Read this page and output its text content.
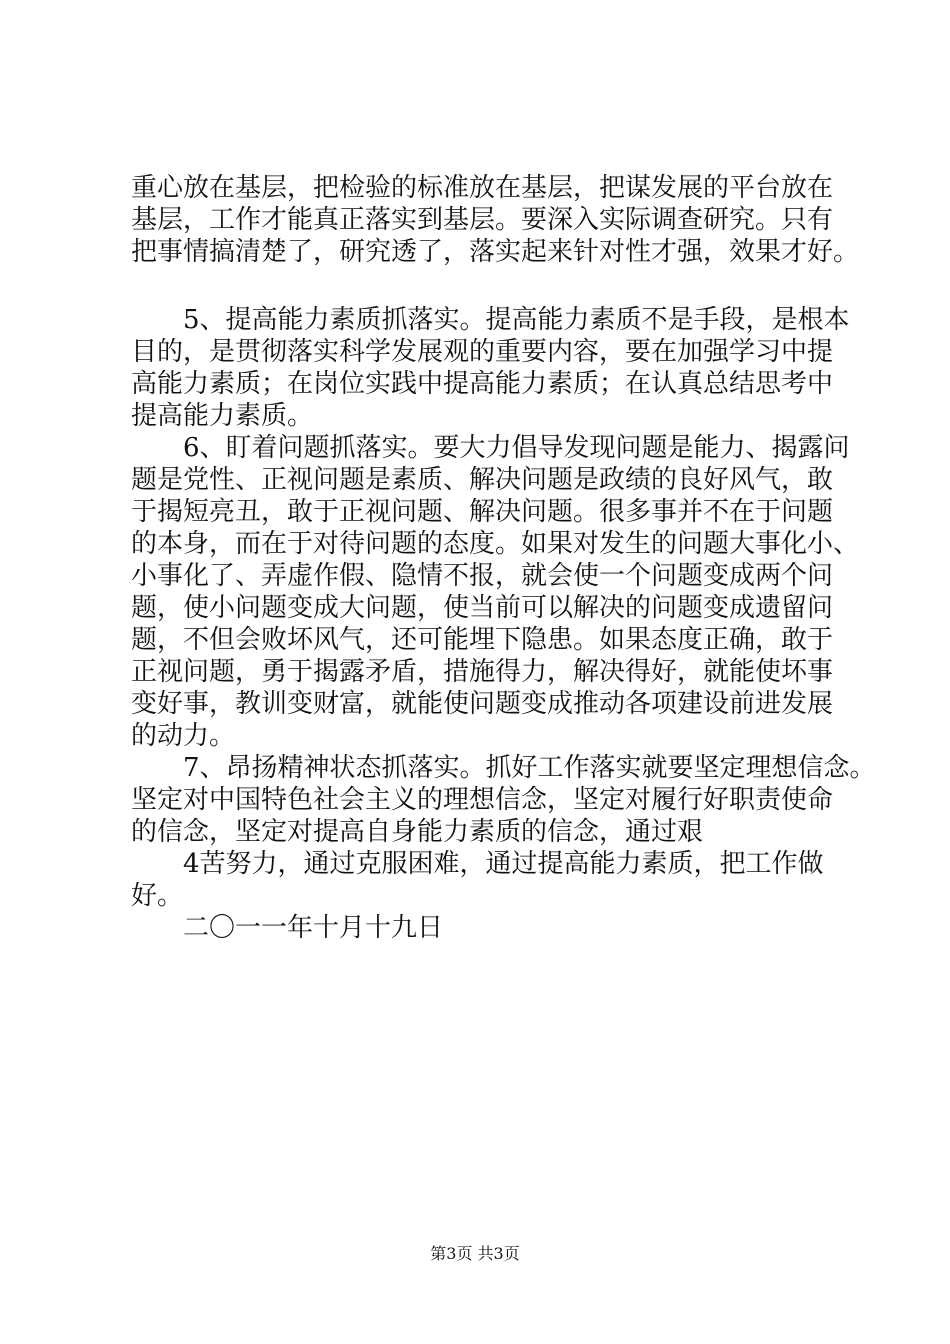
重心放在基层，把检验的标准放在基层，把谋发展的平台放在
基层，工作才能真正落实到基层。要深入实际调查研究。只有
把事情搞清楚了，研究透了，落实起来针对性才强，效果才好。
　　5、提高能力素质抓落实。提高能力素质不是手段，是根本
目的，是贯彻落实科学发展观的重要内容，要在加强学习中提
高能力素质；在岗位实践中提高能力素质；在认真总结思考中
提高能力素质。
　　6、盯着问题抓落实。要大力倡导发现问题是能力、揭露问
题是党性、正视问题是素质、解决问题是政绩的良好风气，敢
于揭短亮丑，敢于正视问题、解决问题。很多事并不在于问题
的本身，而在于对待问题的态度。如果对发生的问题大事化小、
小事化了、弄虚作假、隐情不报，就会使一个问题变成两个问
题，使小问题变成大问题，使当前可以解决的问题变成遗留问
题，不但会败坏风气，还可能埋下隐患。如果态度正确，敢于
正视问题，勇于揭露矛盾，措施得力，解决得好，就能使坏事
变好事，教训变财富，就能使问题变成推动各项建设前进发展
的动力。
　　7、昂扬精神状态抓落实。抓好工作落实就要坚定理想信念。
坚定对中国特色社会主义的理想信念，坚定对履行好职责使命
的信念，坚定对提高自身能力素质的信念，通过艰
　　4苦努力，通过克服困难，通过提高能力素质，把工作做
好。
　　二〇一一年十月十九日
第3页 共3页
